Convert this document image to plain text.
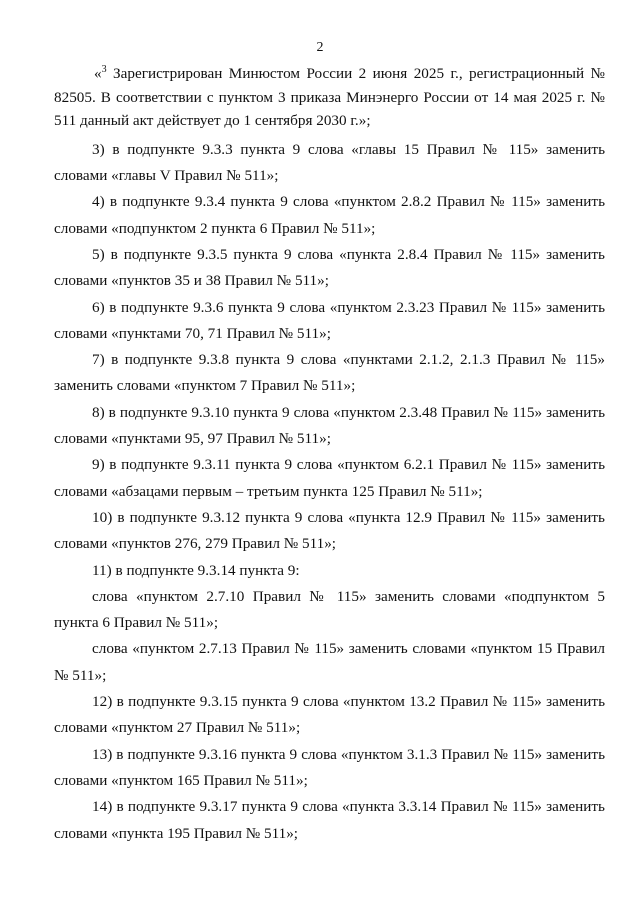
2

«$^3$ Зарегистрирован Минюстом России 2 июня 2025 г., регистрационный № 82505. В соответствии с пунктом 3 приказа Минэнерго России от 14 мая 2025 г. № 511 данный акт действует до 1 сентября 2030 г.»;

3) в подпункте 9.3.3 пункта 9 слова «главы 15 Правил № 115» заменить словами «главы V Правил № 511»;

4) в подпункте 9.3.4 пункта 9 слова «пунктом 2.8.2 Правил № 115» заменить словами «подпунктом 2 пункта 6 Правил № 511»;

5) в подпункте 9.3.5 пункта 9 слова «пункта 2.8.4 Правил № 115» заменить словами «пунктов 35 и 38 Правил № 511»;

6) в подпункте 9.3.6 пункта 9 слова «пунктом 2.3.23 Правил № 115» заменить словами «пунктами 70, 71 Правил № 511»;

7) в подпункте 9.3.8 пункта 9 слова «пунктами 2.1.2, 2.1.3 Правил № 115» заменить словами «пунктом 7 Правил № 511»;

8) в подпункте 9.3.10 пункта 9 слова «пунктом 2.3.48 Правил № 115» заменить словами «пунктами 95, 97 Правил № 511»;

9) в подпункте 9.3.11 пункта 9 слова «пунктом 6.2.1 Правил № 115» заменить словами «абзацами первым – третьим пункта 125 Правил № 511»;

10) в подпункте 9.3.12 пункта 9 слова «пункта 12.9 Правил № 115» заменить словами «пунктов 276, 279 Правил № 511»;

11) в подпункте 9.3.14 пункта 9:

слова «пунктом 2.7.10 Правил № 115» заменить словами «подпунктом 5 пункта 6 Правил № 511»;

слова «пунктом 2.7.13 Правил № 115» заменить словами «пунктом 15 Правил № 511»;

12) в подпункте 9.3.15 пункта 9 слова «пунктом 13.2 Правил № 115» заменить словами «пунктом 27 Правил № 511»;

13) в подпункте 9.3.16 пункта 9 слова «пунктом 3.1.3 Правил № 115» заменить словами «пунктом 165 Правил № 511»;

14) в подпункте 9.3.17 пункта 9 слова «пункта 3.3.14 Правил № 115» заменить словами «пункта 195 Правил № 511»;
